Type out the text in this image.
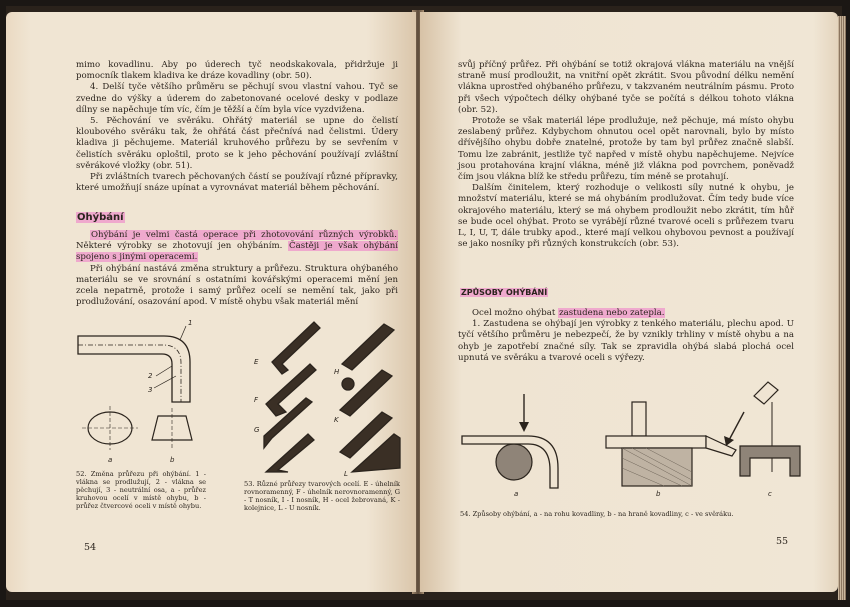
mimo kovadlinu. Aby po úderech tyč neodskakovala, přidržuje ji pomocník tlakem kladiva ke dráze kovadliny (obr. 50).

4. Delší tyče většího průměru se pěchují svou vlastní vahou. Tyč se zvedne do výšky a úderem do zabetonované ocelové desky v podlaze dílny se napěchuje tím víc, čím je těžší a čím byla více vyzdvižena.

5. Pěchování ve svěráku. Ohřátý materiál se upne do čelistí kloubového svěráku tak, že ohřátá část přečnívá nad čelistmi. Údery kladiva ji pěchujeme. Materiál kruhového průřezu by se sevřením v čelistích svěráku oploštil, proto se k jeho pěchování používají zvláštní svěrákové vložky (obr. 51).

Při zvláštních tvarech pěchovaných částí se používají různé přípravky, které umožňují snáze upínat a vyrovnávat materiál během pěchování.

Ohýbání

Ohýbání je velmi častá operace při zhotovování různých výrobků. Některé výrobky se zhotovují jen ohýbáním. Častěji je však ohýbání spojeno s jinými operacemi.

Při ohýbání nastává změna struktury a průřezu. Struktura ohýbaného materiálu se ve srovnání s ostatními kovářskými operacemi mění jen zcela nepatrně, protože i samý průřez ocelí se nemění tak, jako při prodlužování, osazování apod. V místě ohybu však materiál mění

1
2
3
a	b
E
F
G
H
K
L
52. Změna průřezu při ohýbání. 1 - vlákna se prodlužují, 2 - vlákna se pěchují, 3 - neutrální osa, a - průřez kruhovou ocelí v místě ohybu, b - průřez čtvercové oceli v místě ohybu.
53. Různé průřezy tvarových ocelí. E - úhelník rovnoramenný, F - úhelník nerovnoramenný, G - T nosník, I - I nosník, H - ocel žebrovaná, K - kolejnice, L - U nosník.
54

svůj příčný průřez. Při ohýbání se totiž okrajová vlákna materiálu na vnější straně musí prodloužit, na vnitřní opět zkrátit. Svou původní délku nemění vlákna uprostřed ohýbaného průřezu, v takzvaném neutrálním pásmu. Proto při všech výpočtech délky ohýbané tyče se počítá s délkou tohoto vlákna (obr. 52).

Protože se však materiál lépe prodlužuje, než pěchuje, má místo ohybu zeslabený průřez. Kdybychom ohnutou ocel opět narovnali, bylo by místo dřívějšího ohybu dobře znatelné, protože by tam byl průřez značně slabší. Tomu lze zabránit, jestliže tyč napřed v místě ohybu napěchujeme. Nejvíce jsou protahována krajní vlákna, méně již vlákna pod povrchem, poněvadž čím jsou vlákna blíž ke středu průřezu, tím méně se protahují.

Dalším činitelem, který rozhoduje o velikosti síly nutné k ohybu, je množství materiálu, které se má ohybáním prodlužovat. Čím tedy bude více okrajového materiálu, který se má ohybem prodloužit nebo zkrátit, tím hůř se bude ocel ohýbat. Proto se vyrábějí různé tvarové oceli s průřezem tvaru L, I, U, T, dále trubky apod., které mají velkou ohybovou pevnost a používají se jako nosníky při různých konstrukcích (obr. 53).

ZPŮSOBY OHÝBÁNÍ

Ocel možno ohýbat zastudena nebo zatepla.

1. Zastudena se ohýbají jen výrobky z tenkého materiálu, plechu apod. U tyčí většího průměru je nebezpečí, že by vznikly trhliny v místě ohybu a na ohyb je zapotřebí značné síly. Tak se zpravidla ohýbá slabá plochá ocel upnutá ve svěráku a tvarové oceli s výřezy.

a	b	c
54. Způsoby ohýbání, a - na rohu kovadliny, b - na hraně kovadliny, c - ve svěráku.
55
